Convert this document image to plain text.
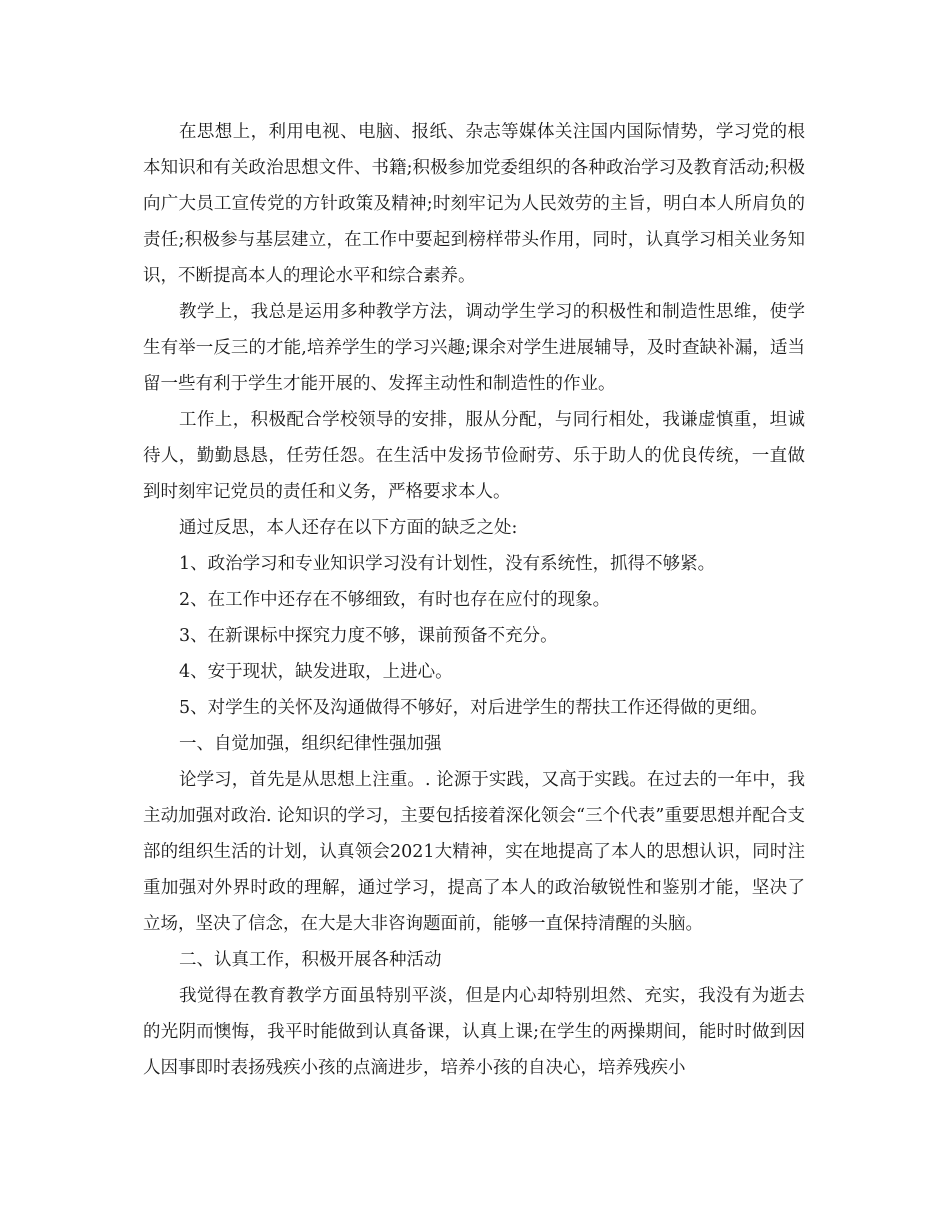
在思想上，利用电视、电脑、报纸、杂志等媒体关注国内国际情势，学习党的根本知识和有关政治思想文件、书籍;积极参加党委组织的各种政治学习及教育活动;积极向广大员工宣传党的方针政策及精神;时刻牢记为人民效劳的主旨，明白本人所肩负的责任;积极参与基层建立，在工作中要起到榜样带头作用，同时，认真学习相关业务知识，不断提高本人的理论水平和综合素养。

教学上，我总是运用多种教学方法，调动学生学习的积极性和制造性思维，使学生有举一反三的才能,培养学生的学习兴趣;课余对学生进展辅导，及时查缺补漏，适当留一些有利于学生才能开展的、发挥主动性和制造性的作业。

工作上，积极配合学校领导的安排，服从分配，与同行相处，我谦虚慎重，坦诚待人，勤勤恳恳，任劳任怨。在生活中发扬节俭耐劳、乐于助人的优良传统，一直做到时刻牢记党员的责任和义务，严格要求本人。

通过反思，本人还存在以下方面的缺乏之处:

1、政治学习和专业知识学习没有计划性，没有系统性，抓得不够紧。

2、在工作中还存在不够细致，有时也存在应付的现象。

3、在新课标中探究力度不够，课前预备不充分。

4、安于现状，缺发进取，上进心。

5、对学生的关怀及沟通做得不够好，对后进学生的帮扶工作还得做的更细。

一、自觉加强，组织纪律性强加强

论学习，首先是从思想上注重。. 论源于实践，又高于实践。在过去的一年中，我主动加强对政治. 论知识的学习，主要包括接着深化领会“三个代表”重要思想并配合支部的组织生活的计划，认真领会2021大精神，实在地提高了本人的思想认识，同时注重加强对外界时政的理解，通过学习，提高了本人的政治敏锐性和鉴别才能，坚决了立场，坚决了信念，在大是大非咨询题面前，能够一直保持清醒的头脑。

二、认真工作，积极开展各种活动

我觉得在教育教学方面虽特别平淡，但是内心却特别坦然、充实，我没有为逝去的光阴而懊悔，我平时能做到认真备课，认真上课;在学生的两操期间，能时时做到因人因事即时表扬残疾小孩的点滴进步，培养小孩的自决心，培养残疾小
